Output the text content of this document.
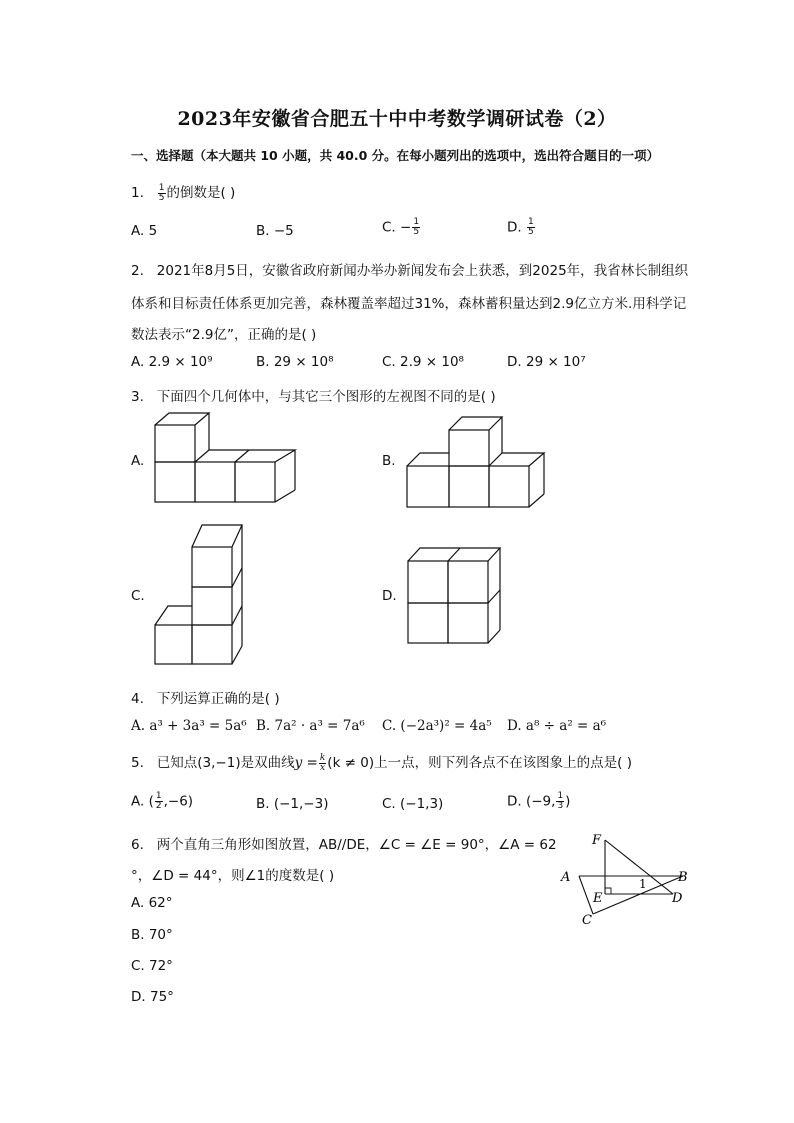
2023年安徽省合肥五十中中考数学调研试卷（2）
一、选择题（本大题共 10 小题，共 40.0 分。在每小题列出的选项中，选出符合题目的一项）
1. $\frac{1}{5}$ 的倒数是( )
A. 5	B. −5	C. − $\frac{1}{5}$	D. $\frac{1}{5}$
2. 2021年8月5日，安徽省政府新闻办举办新闻发布会上获悉，到2025年，我省林长制组织
体系和目标责任体系更加完善，森林覆盖率超过31%，森林蓄积量达到2.9亿立方米.用科学记
数法表示“2.9亿”，正确的是( )
A. 2.9 × 10⁹	B. 29 × 10⁸	C. 2.9 × 10⁸	D. 29 × 10⁷
3. 下面四个几何体中，与其它三个图形的左视图不同的是( )
A.	B.
C.	D.
4. 下列运算正确的是( )
A. a³ + 3a³ = 5a⁶ B. 7a² · a³ = 7a⁶ C. (−2a³)² = 4a⁵ D. a⁸ ÷ a² = a⁶
5. 已知点(3,−1)是双曲线$y = \frac{k}{x} (k \ne 0)$上一点，则下列各点不在该图象上的点是( )
A. ( $\frac{1}{2} ,-6$)	B. (−1,−3)	C. (−1,3)	D. (−9, $\frac{1}{3}$ )
6. 两个直角三角形如图放置，AB//DE，∠C = ∠E = 90°，∠A = 62
°，∠D = 44°，则∠1的度数是( )
A. 62°
B. 70°
C. 72°
D. 75°
F
A	B
E	D
C
1
